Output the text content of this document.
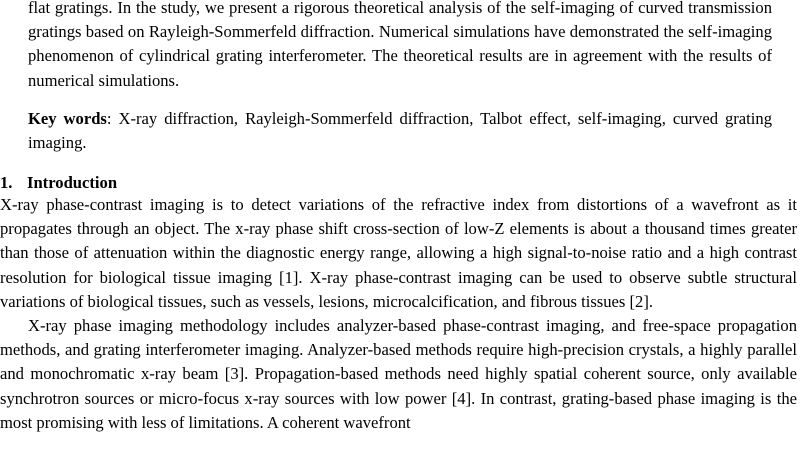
flat gratings. In the study, we present a rigorous theoretical analysis of the self-imaging of curved transmission gratings based on Rayleigh-Sommerfeld diffraction. Numerical simulations have demonstrated the self-imaging phenomenon of cylindrical grating interferometer. The theoretical results are in agreement with the results of numerical simulations.

Key words: X-ray diffraction, Rayleigh-Sommerfeld diffraction, Talbot effect, self-imaging, curved grating imaging.

1. Introduction

X-ray phase-contrast imaging is to detect variations of the refractive index from distortions of a wavefront as it propagates through an object. The x-ray phase shift cross-section of low-Z elements is about a thousand times greater than those of attenuation within the diagnostic energy range, allowing a high signal-to-noise ratio and a high contrast resolution for biological tissue imaging [1]. X-ray phase-contrast imaging can be used to observe subtle structural variations of biological tissues, such as vessels, lesions, microcalcification, and fibrous tissues [2].

X-ray phase imaging methodology includes analyzer-based phase-contrast imaging, and free-space propagation methods, and grating interferometer imaging. Analyzer-based methods require high-precision crystals, a highly parallel and monochromatic x-ray beam [3]. Propagation-based methods need highly spatial coherent source, only available synchrotron sources or micro-focus x-ray sources with low power [4]. In contrast, grating-based phase imaging is the most promising with less of limitations. A coherent wavefront
